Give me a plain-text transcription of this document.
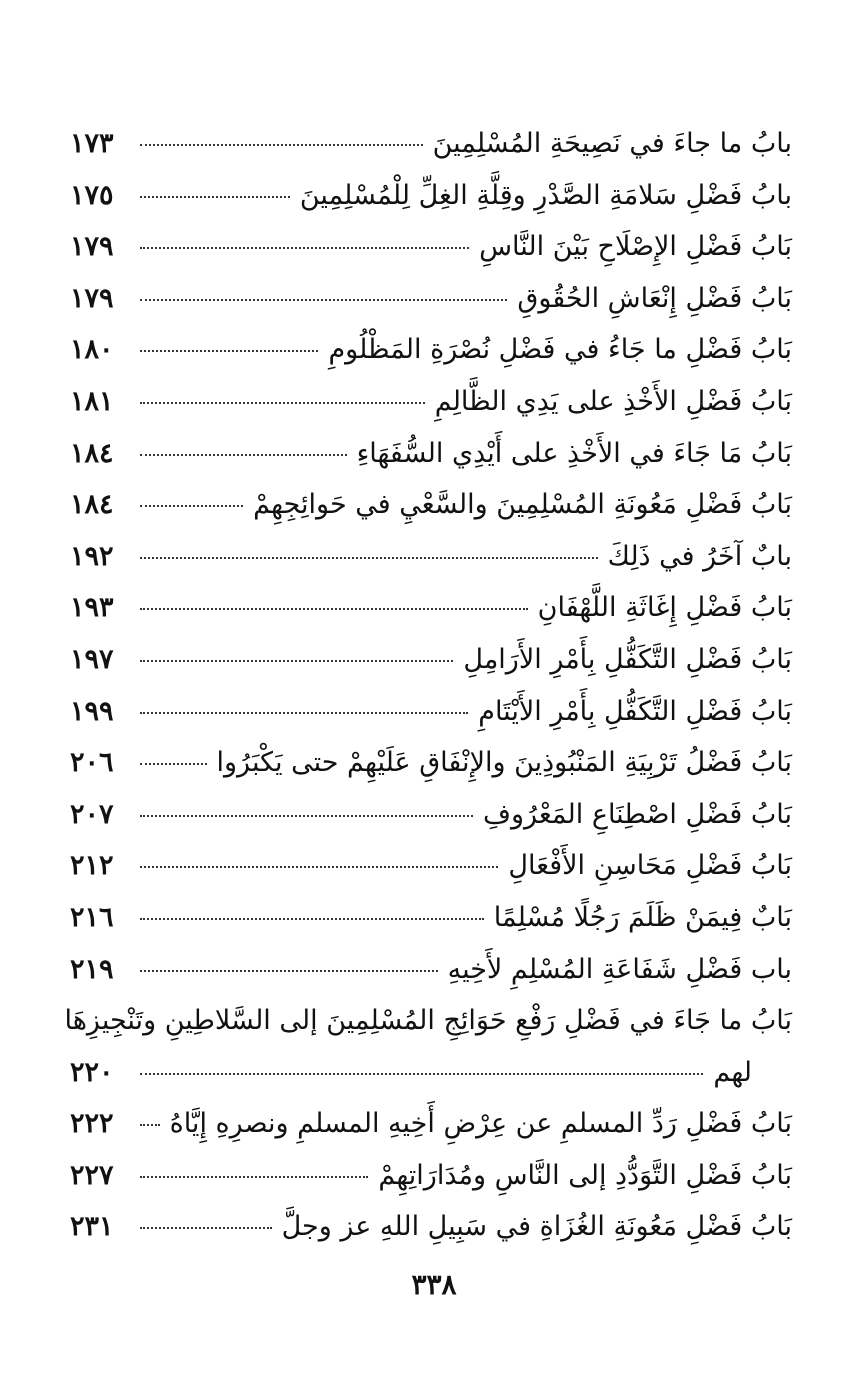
بابُ ما جاءَ في نَصِيحَةِ المُسْلِمِينَ
١٧٣
بابُ فَضْلِ سَلامَةِ الصَّدْرِ وقِلَّةِ الغِلِّ لِلْمُسْلِمِينَ
١٧٥
بَابُ فَضْلِ الإِصْلَاحِ بَيْنَ النَّاسِ
١٧٩
بَابُ فَضْلِ إِنْعَاشِ الحُقُوقِ
١٧٩
بَابُ فَضْلِ ما جَاءُ في فَضْلِ نُصْرَةِ المَظْلُومِ
١٨٠
بَابُ فَضْلِ الأَخْذِ على يَدِي الظَّالِمِ
١٨١
بَابُ مَا جَاءَ في الأَخْذِ على أَيْدِي السُّفَهَاءِ
١٨٤
بَابُ فَضْلِ مَعُونَةِ المُسْلِمِينَ والسَّعْيِ في حَوائِجِهِمْ
١٨٤
بابٌ آخَرُ في ذَلِكَ
١٩٢
بَابُ فَضْلِ إِغَاثَةِ اللَّهْفَانِ
١٩٣
بَابُ فَضْلِ التَّكَفُّلِ بِأَمْرِ الأَرَامِلِ
١٩٧
بَابُ فَضْلِ التَّكَفُّلِ بِأَمْرِ الأَيْتَامِ
١٩٩
بَابُ فَضْلُ تَرْبِيَةِ المَنْبُوذِينَ والإِنْفَاقِ عَلَيْهِمْ حتى يَكْبَرُوا
٢٠٦
بَابُ فَضْلِ اصْطِنَاعِ المَعْرُوفِ
٢٠٧
بَابُ فَضْلِ مَحَاسِنِ الأَفْعَالِ
٢١٢
بَابٌ فِيمَنْ ظَلَمَ رَجُلًا مُسْلِمًا
٢١٦
باب فَضْلِ شَفَاعَةِ المُسْلِمِ لأَخِيهِ
٢١٩
بَابُ ما جَاءَ في فَضْلِ رَفْعِ حَوَائِجِ المُسْلِمِينَ إلى السَّلاطِينِ وتَنْجِيزِهَا
لهم
٢٢٠
بَابُ فَضْلِ رَدِّ المسلمِ عن عِرْضِ أَخِيهِ المسلمِ ونصرِهِ إِيَّاهُ
٢٢٢
بَابُ فَضْلِ التَّوَدُّدِ إلى النَّاسِ ومُدَارَاتِهِمْ
٢٢٧
بَابُ فَضْلِ مَعُونَةِ الغُزَاةِ في سَبِيلِ اللهِ عز وجلَّ
٢٣١
٣٣٨
